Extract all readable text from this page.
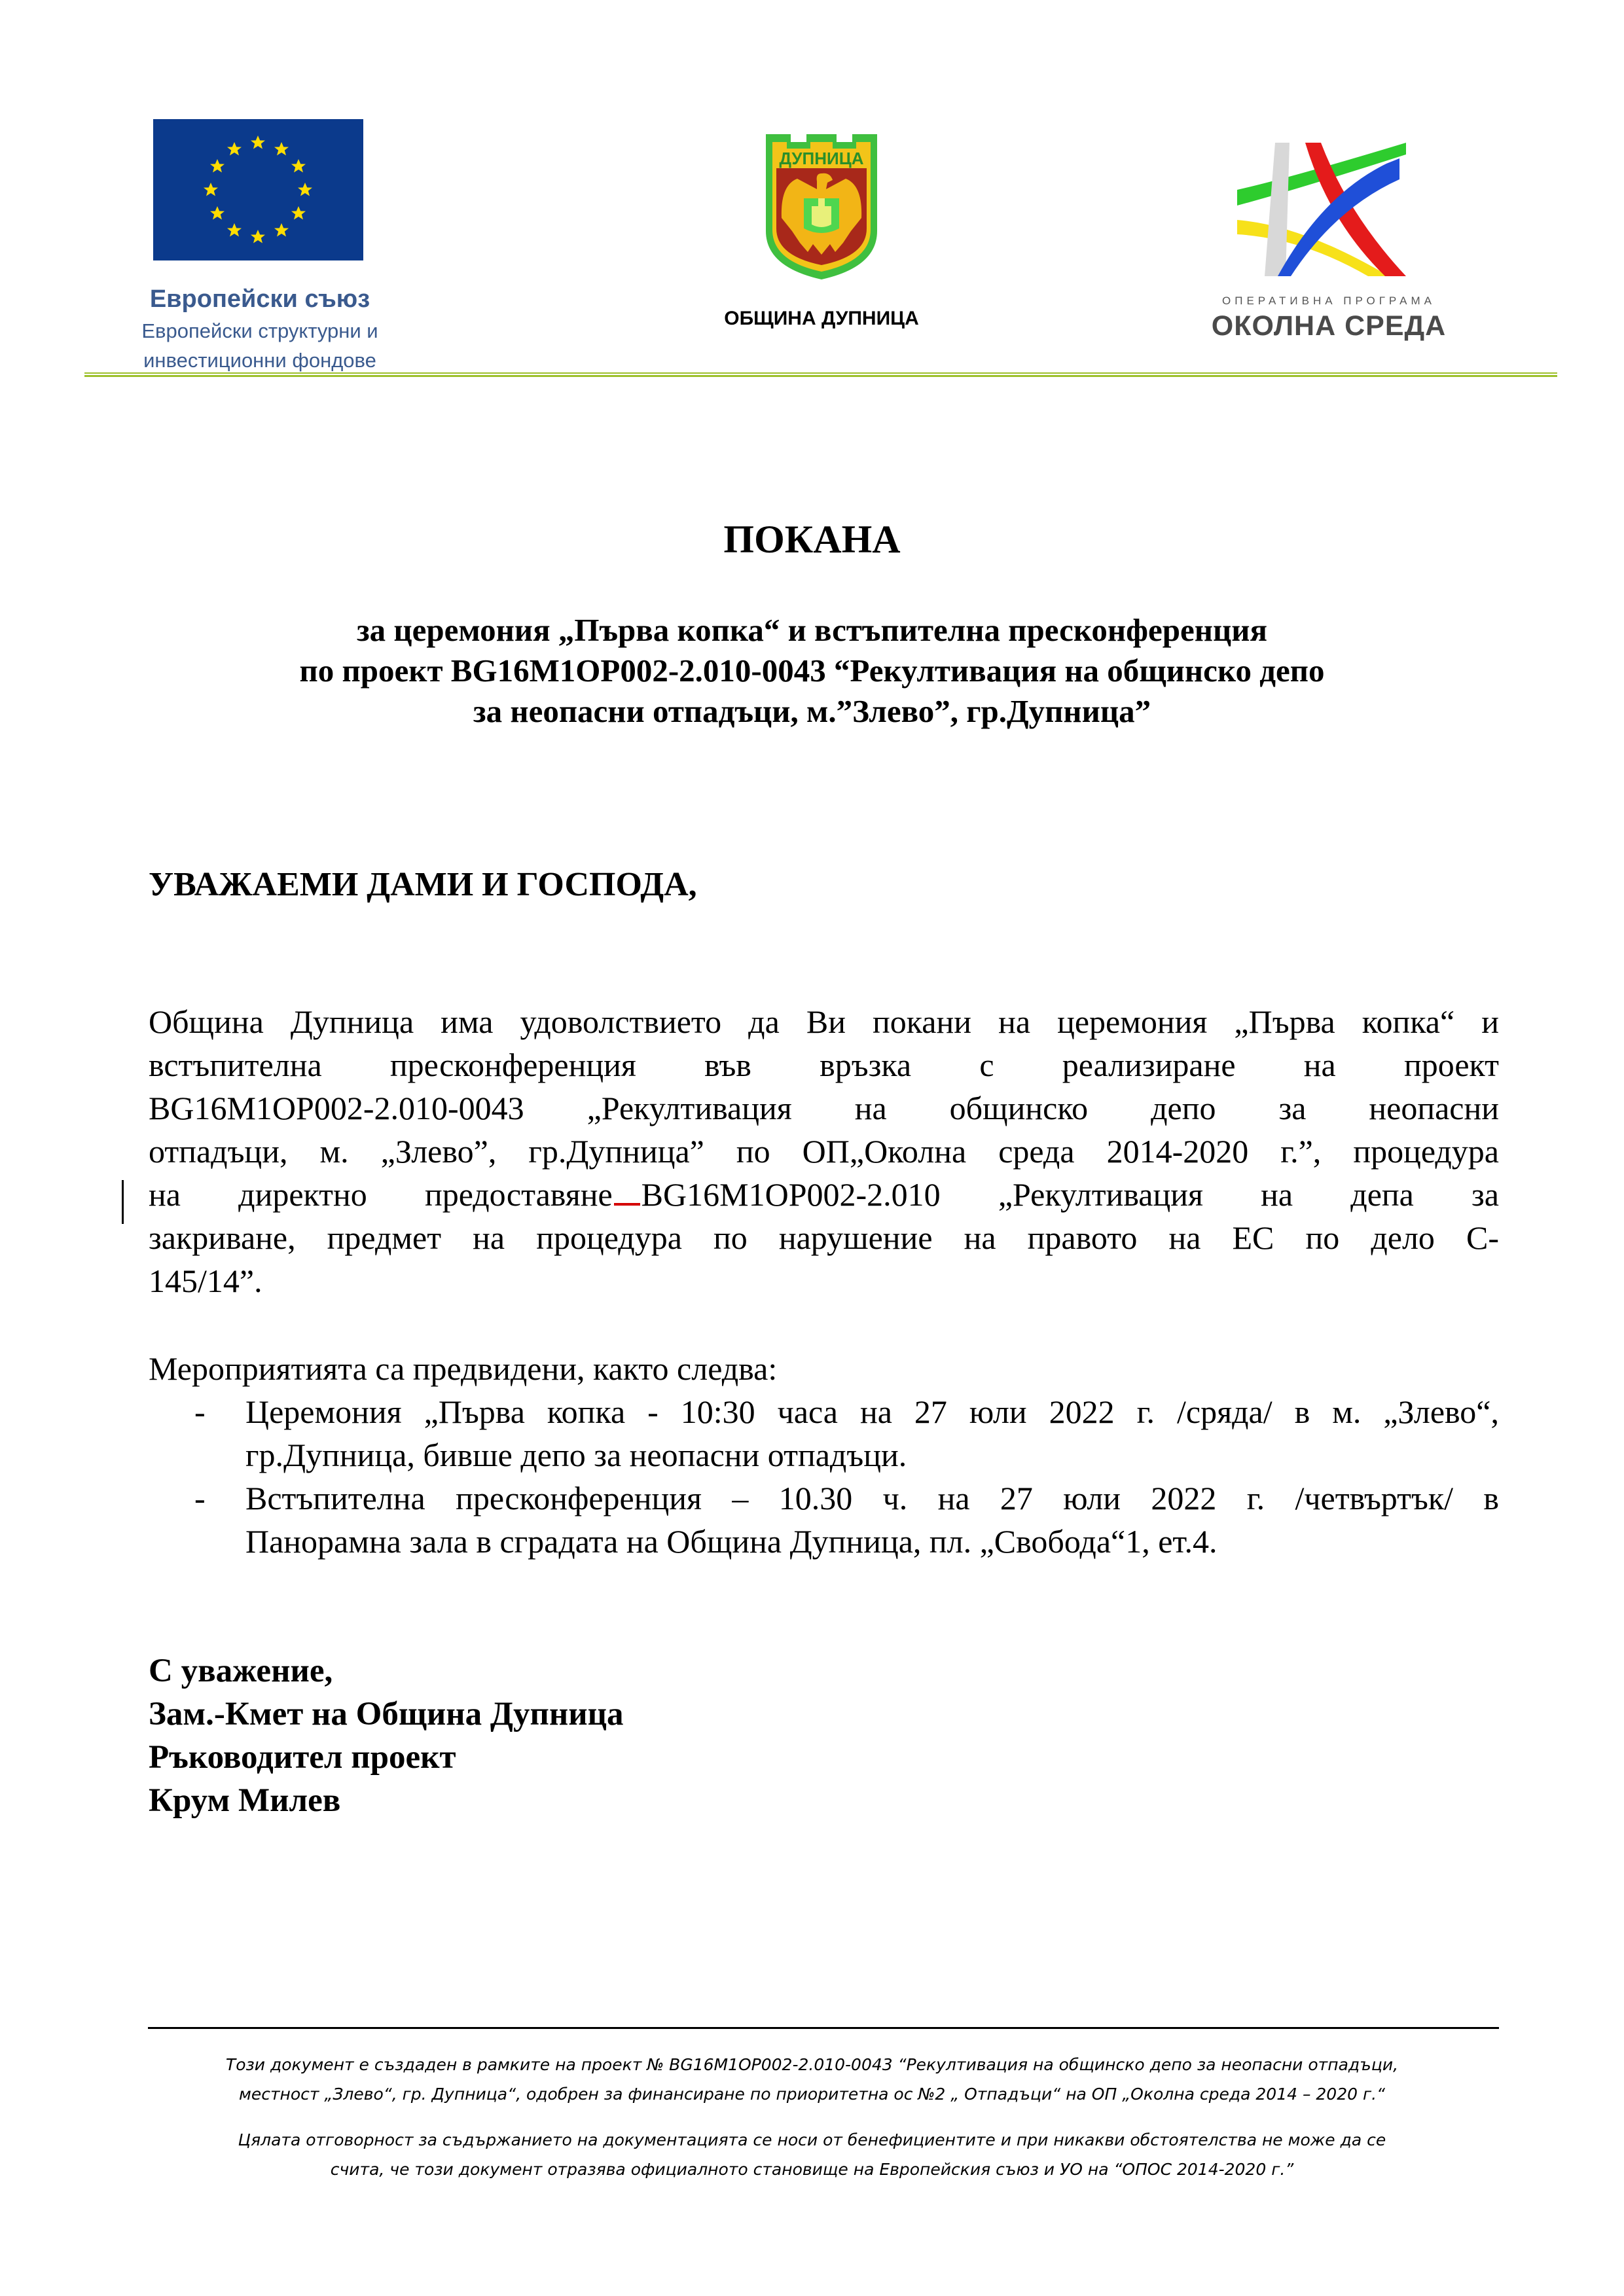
Европейски съюз
Европейски структурни и
инвестиционни фондове
ДУПНИЦА
ОБЩИНА ДУПНИЦА
ОПЕРАТИВНА ПРОГРАМА
ОКОЛНА СРЕДА
ПОКАНА
за церемония „Първа копка“ и встъпителна пресконференция
по проект BG16M1OP002-2.010-0043 “Рекултивация на общинско депо
за неопасни отпадъци, м.”Злево”, гр.Дупница”
УВАЖАЕМИ ДАМИ И ГОСПОДА,
Община Дупница има удоволствието да Ви покани на церемония „Първа копка“ и
встъпителна пресконференция във връзка с реализиране на проект
BG16M1OP002-2.010-0043 „Рекултивация на общинско депо за неопасни
отпадъци, м. „Злево”, гр.Дупница” по ОП„Околна среда 2014-2020 г.”, процедура
на директно предоставяне BG16M1OP002-2.010 „Рекултивация на депа за
закриване, предмет на процедура по нарушение на правото на ЕС по дело С-
145/14”.
Мероприятията са предвидени, както следва:
- Церемония „Първа копка - 10:30 часа на 27 юли 2022 г. /сряда/ в м. „Злево“,
гр.Дупница, бивше депо за неопасни отпадъци.
- Встъпителна пресконференция – 10.30 ч. на 27 юли 2022 г. /четвъртък/ в
Панорамна зала в сградата на Община Дупница, пл. „Свобода“1, ет.4.
С уважение,
Зам.-Кмет на Община Дупница
Ръководител проект
Крум Милев
Този документ е създаден в рамките на проект № BG16M1OP002-2.010-0043 “Рекултивация на общинско депо за неопасни отпадъци,
местност „Злево“, гр. Дупница“, одобрен за финансиране по приоритетна ос №2 „ Отпадъци“ на ОП „Околна среда 2014 – 2020 г.“
Цялата отговорност за съдържанието на документацията се носи от бенефициентите и при никакви обстоятелства не може да се
счита, че този документ отразява официалното становище на Европейския съюз и УО на “ОПОС 2014-2020 г.”
